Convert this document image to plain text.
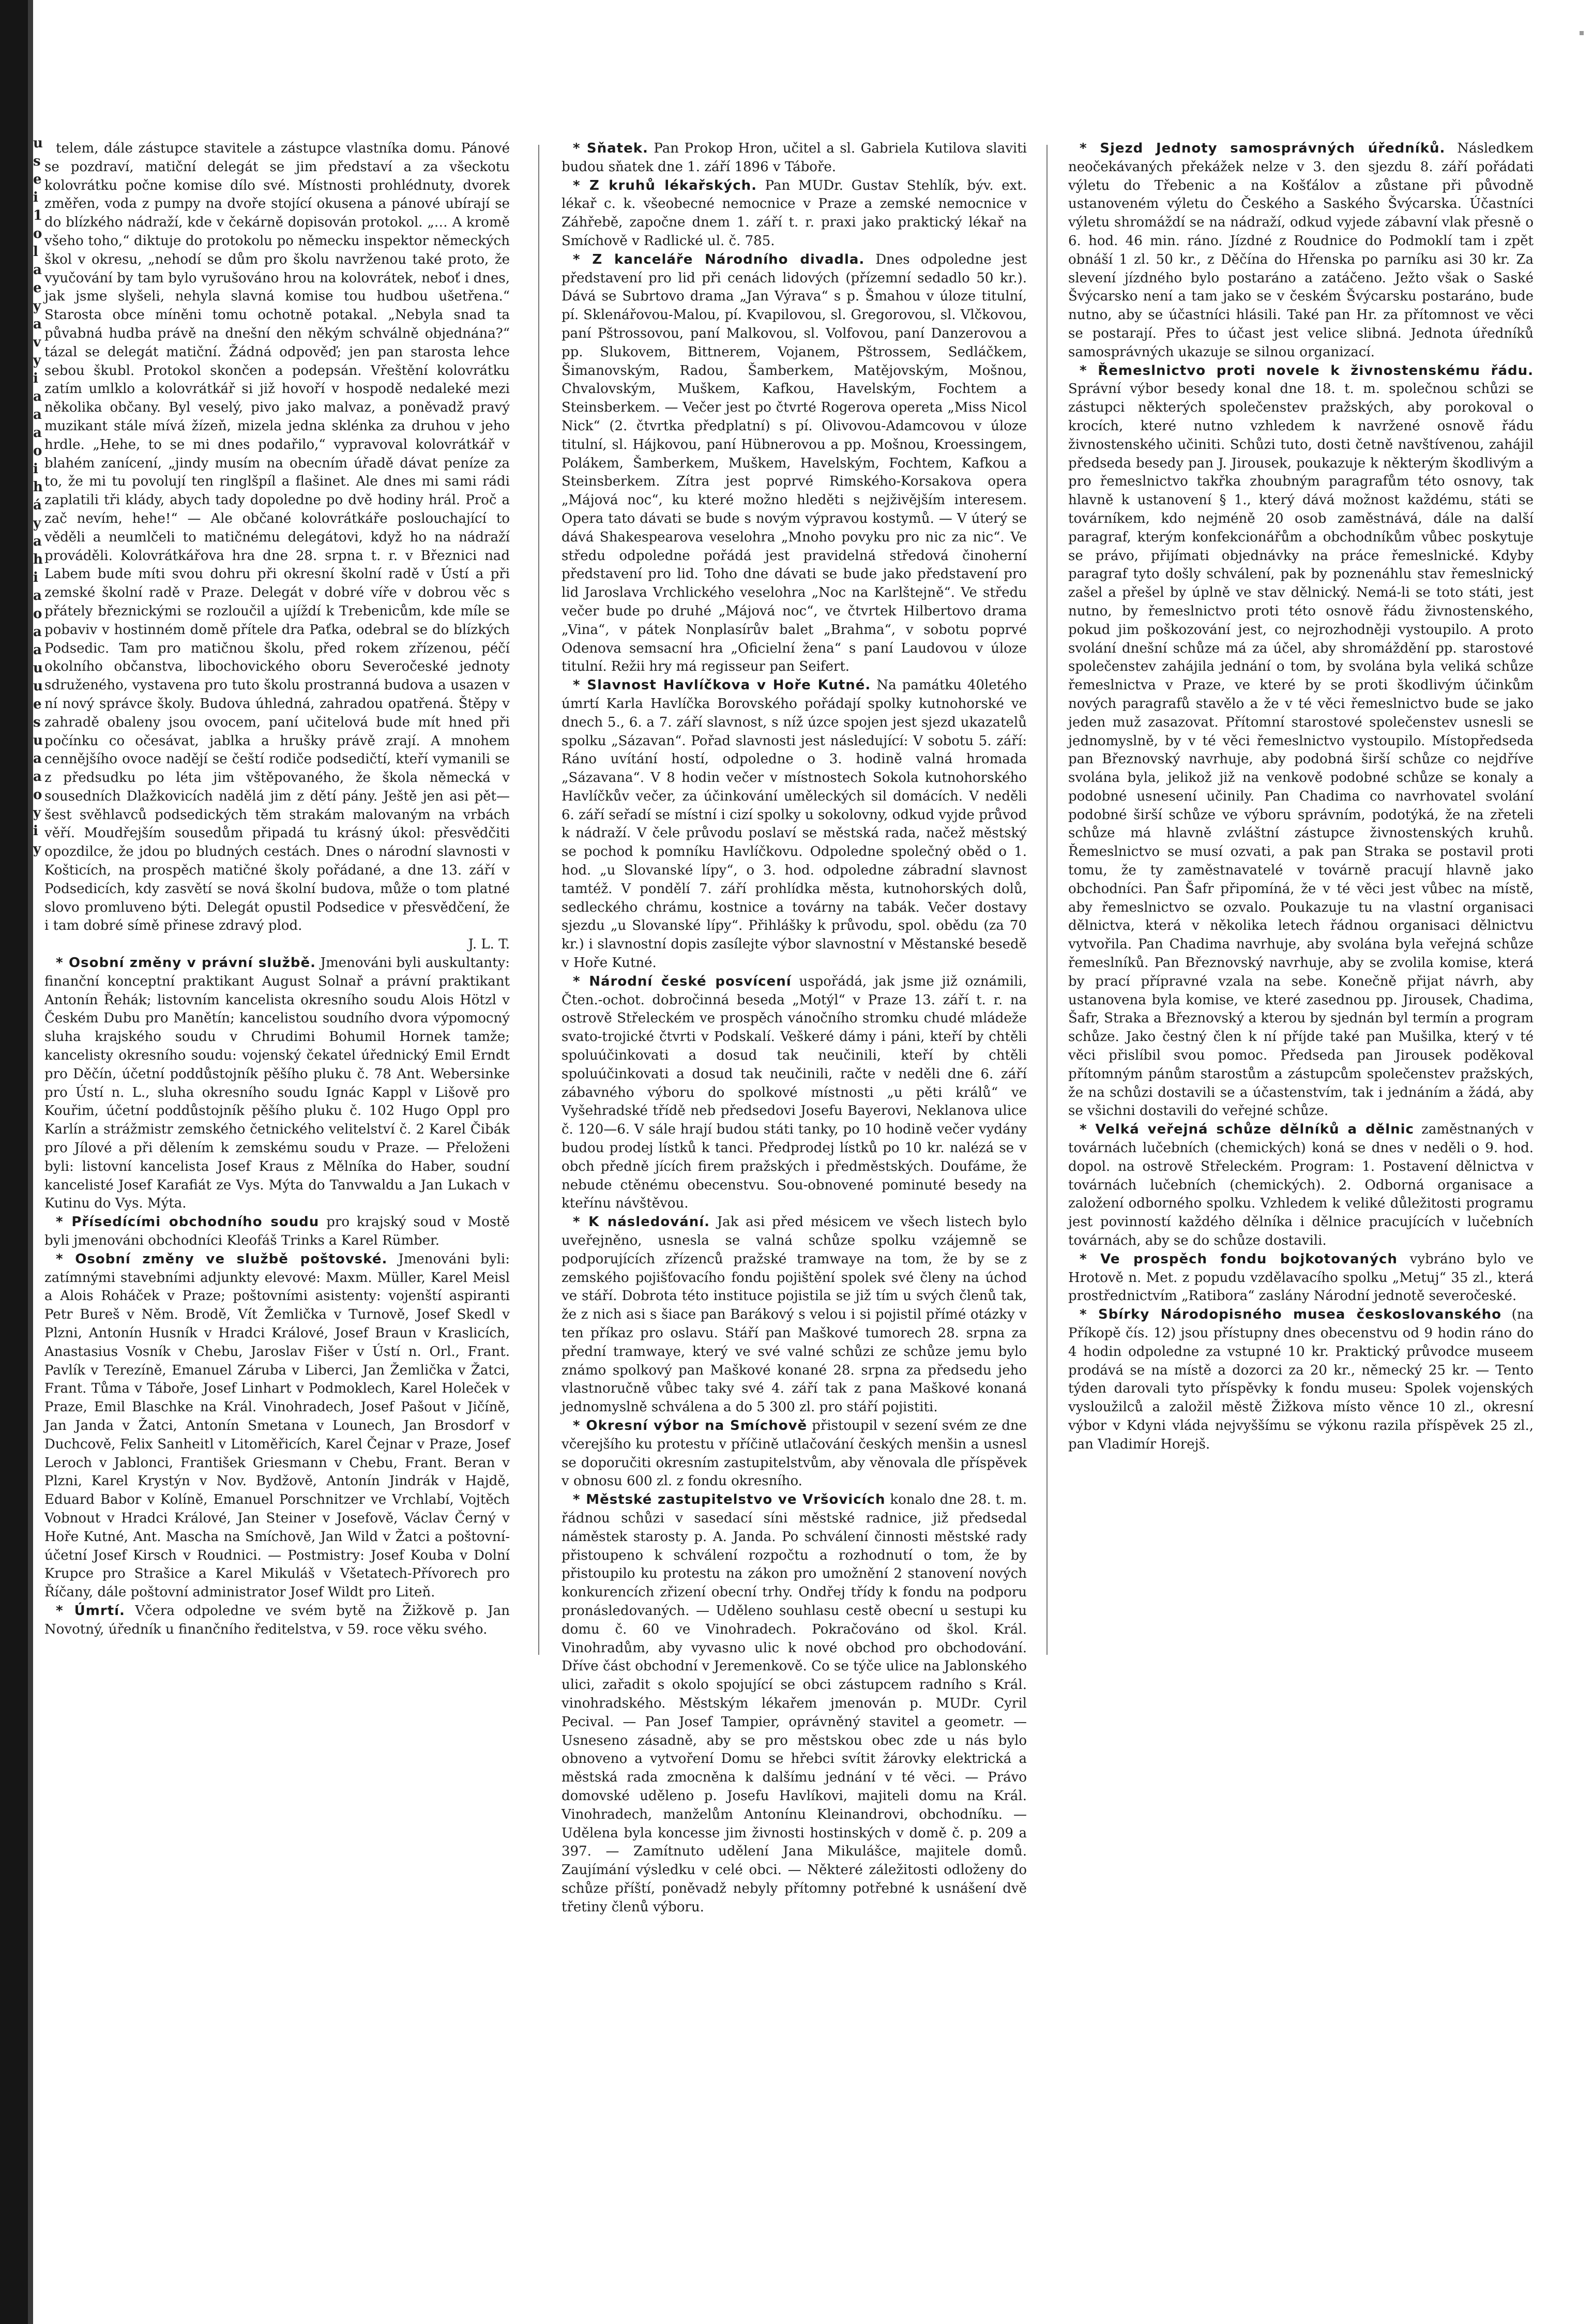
u s e i 1 o l a e y a v y i a a a o i h á y a h i a o a a u u e s u a a o y i y

telem, dále zástupce stavitele a zástupce vlastníka domu. Pánové se pozdraví, matiční delegát se jim představí a za všeckotu kolovrátku počne komise dílo své. Místnosti prohlédnuty, dvorek změřen, voda z pumpy na dvoře stojící okusena a pánové ubírají se do blízkého nádraží, kde v čekárně dopisován protokol. „… A kromě všeho toho,“ diktuje do protokolu po německu inspektor německých škol v okresu, „nehodí se dům pro školu navrženou také proto, že vyučování by tam bylo vyrušováno hrou na kolovrátek, neboť i dnes, jak jsme slyšeli, nehyla slavná komise tou hudbou ušetřena.“ Starosta obce míněni tomu ochotně potakal. „Nebyla snad ta půvabná hudba právě na dnešní den někým schválně objednána?“ tázal se delegát matiční. Žádná odpověď; jen pan starosta lehce sebou škubl. Protokol skončen a podepsán. Vřeštění kolovrátku zatím umlklo a kolovrátkář si již hovoří v hospodě nedaleké mezi několika občany. Byl veselý, pivo jako malvaz, a poněvadž pravý muzikant stále mívá žízeň, mizela jedna sklénka za druhou v jeho hrdle. „Hehe, to se mi dnes podařilo,“ vypravoval kolovrátkář v blahém zanícení, „jindy musím na obecním úřadě dávat peníze za to, že mi tu povolují ten ringlšpíl a flašinet. Ale dnes mi sami rádi zaplatili tři klády, abych tady dopoledne po dvě hodiny hrál. Proč a zač nevím, hehe!“ — Ale občané kolovrátkáře poslouchající to věděli a neumlčeli to matičnému delegátovi, když ho na nádraží prováděli. Kolovrátkářova hra dne 28. srpna t. r. v Březnici nad Labem bude míti svou dohru při okresní školní radě v Ústí a při zemské školní radě v Praze. Delegát v dobré víře v dobrou věc s přátely březnickými se rozloučil a ujíždí k Trebenicům, kde míle se pobaviv v hostinném domě přítele dra Paťka, odebral se do blízkých Podsedic. Tam pro matičnou školu, před rokem zřízenou, péčí okolního občanstva, libochovického oboru Severočeské jednoty sdruženého, vystavena pro tuto školu prostranná budova a usazen v ní nový správce školy. Budova úhledná, zahradou opatřená. Štěpy v zahradě obaleny jsou ovocem, paní učitelová bude mít hned při počínku co očesávat, jablka a hrušky právě zrají. A mnohem cennějšího ovoce nadějí se čeští rodiče podsedičtí, kteří vymanili se z předsudku po léta jim vštěpovaného, že škola německá v sousedních Dlažkovicích nadělá jim z dětí pány. Ještě jen asi pět—šest svěhlavců podsedických těm strakám malovaným na vrbách věří. Moudřejším sousedům připadá tu krásný úkol: přesvědčiti opozdilce, že jdou po bludných cestách. Dnes o národní slavnosti v Košticích, na prospěch matičné školy pořádané, a dne 13. září v Podsedicích, kdy zasvětí se nová školní budova, může o tom platné slovo promluveno býti. Delegát opustil Podsedice v přesvědčení, že i tam dobré símě přinese zdravý plod.

J. L. T.

* Osobní změny v právní službě. Jmenováni byli auskultanty: finanční konceptní praktikant August Solnař a právní praktikant Antonín Řehák; listovním kancelista okresního soudu Alois Hötzl v Českém Dubu pro Manětín; kancelistou soudního dvora výpomocný sluha krajského soudu v Chrudimi Bohumil Hornek tamže; kancelisty okresního soudu: vojenský čekatel úřednický Emil Erndt pro Děčín, účetní poddůstojník pěšího pluku č. 78 Ant. Webersinke pro Ústí n. L., sluha okresního soudu Ignác Kappl v Lišově pro Kouřim, účetní poddůstojník pěšího pluku č. 102 Hugo Oppl pro Karlín a strážmistr zemského četnického velitelství č. 2 Karel Čibák pro Jílové a při dělením k zemskému soudu v Praze. — Přeloženi byli: listovní kancelista Josef Kraus z Mělníka do Haber, soudní kancelisté Josef Karafiát ze Vys. Mýta do Tanvwaldu a Jan Lukach v Kutinu do Vys. Mýta.

* Přísedícími obchodního soudu pro krajský soud v Mostě byli jmenováni obchodníci Kleofáš Trinks a Karel Rümber.

* Osobní změny ve službě poštovské. Jmenováni byli: zatímnými stavebními adjunkty elevové: Maxm. Müller, Karel Meisl a Alois Roháček v Praze; poštovními asistenty: vojenští aspiranti Petr Bureš v Něm. Brodě, Vít Žemlička v Turnově, Josef Skedl v Plzni, Antonín Husník v Hradci Králové, Josef Braun v Kraslicích, Anastasius Vosník v Chebu, Jaroslav Fišer v Ústí n. Orl., Frant. Pavlík v Terezíně, Emanuel Záruba v Liberci, Jan Žemlička v Žatci, Frant. Tůma v Táboře, Josef Linhart v Podmoklech, Karel Holeček v Praze, Emil Blaschke na Král. Vinohradech, Josef Pašout v Jičíně, Jan Janda v Žatci, Antonín Smetana v Lounech, Jan Brosdorf v Duchcově, Felix Sanheitl v Litoměřicích, Karel Čejnar v Praze, Josef Leroch v Jablonci, František Griesmann v Chebu, Frant. Beran v Plzni, Karel Krystýn v Nov. Bydžově, Antonín Jindrák v Hajdě, Eduard Babor v Kolíně, Emanuel Porschnitzer ve Vrchlabí, Vojtěch Vobnout v Hradci Králové, Jan Steiner v Josefově, Václav Černý v Hoře Kutné, Ant. Mascha na Smíchově, Jan Wild v Žatci a poštovní-účetní Josef Kirsch v Roudnici. — Postmistry: Josef Kouba v Dolní Krupce pro Strašice a Karel Mikuláš v Všetatech-Přívorech pro Říčany, dále poštovní administrator Josef Wildt pro Liteň.

* Úmrtí. Včera odpoledne ve svém bytě na Žižkově p. Jan Novotný, úředník u finančního ředitelstva, v 59. roce věku svého.

* Sňatek. Pan Prokop Hron, učitel a sl. Gabriela Kutilova slaviti budou sňatek dne 1. září 1896 v Táboře.

* Z kruhů lékařských. Pan MUDr. Gustav Stehlík, býv. ext. lékař c. k. všeobecné nemocnice v Praze a zemské nemocnice v Záhřebě, započne dnem 1. září t. r. praxi jako praktický lékař na Smíchově v Radlické ul. č. 785.

* Z kanceláře Národního divadla. Dnes odpoledne jest představení pro lid při cenách lidových (přízemní sedadlo 50 kr.). Dává se Subrtovo drama „Jan Výrava“ s p. Šmahou v úloze titulní, pí. Sklenářovou-Malou, pí. Kvapilovou, sl. Gregorovou, sl. Vlčkovou, paní Pštrossovou, paní Malkovou, sl. Volfovou, paní Danzerovou a pp. Slukovem, Bittnerem, Vojanem, Pštrossem, Sedláčkem, Šimanovským, Radou, Šamberkem, Matějovským, Mošnou, Chvalovským, Muškem, Kafkou, Havelským, Fochtem a Steinsberkem. — Večer jest po čtvrté Rogerova opereta „Miss Nicol Nick“ (2. čtvrtka předplatní) s pí. Olivovou-Adamcovou v úloze titulní, sl. Hájkovou, paní Hübnerovou a pp. Mošnou, Kroessingem, Polákem, Šamberkem, Muškem, Havelským, Fochtem, Kafkou a Steinsberkem. Zítra jest poprvé Rimského-Korsakova opera „Májová noc“, ku které možno hleděti s nejživějším interesem. Opera tato dávati se bude s novým výpravou kostymů. — V úterý se dává Shakespearova veselohra „Mnoho povyku pro nic za nic“. Ve středu odpoledne pořádá jest pravidelná středová činoherní představení pro lid. Toho dne dávati se bude jako představení pro lid Jaroslava Vrchlického veselohra „Noc na Karlštejně“. Ve středu večer bude po druhé „Májová noc“, ve čtvrtek Hilbertovo drama „Vina“, v pátek Nonplasírův balet „Brahma“, v sobotu poprvé Odenova semsacní hra „Oficielní žena“ s paní Laudovou v úloze titulní. Režii hry má regisseur pan Seifert.

* Slavnost Havlíčkova v Hoře Kutné. Na památku 40letého úmrtí Karla Havlíčka Borovského pořádají spolky kutnohorské ve dnech 5., 6. a 7. září slavnost, s níž úzce spojen jest sjezd ukazatelů spolku „Sázavan“. Pořad slavnosti jest následující: V sobotu 5. září: Ráno uvítání hostí, odpoledne o 3. hodině valná hromada „Sázavana“. V 8 hodin večer v místnostech Sokola kutnohorského Havlíčkův večer, za účinkování uměleckých sil domácích. V neděli 6. září seřadí se místní i cizí spolky u sokolovny, odkud vyjde průvod k nádraží. V čele průvodu poslaví se městská rada, načež městský se pochod k pomníku Havlíčkovu. Odpoledne společný oběd o 1. hod. „u Slovanské lípy“, o 3. hod. odpoledne zábradní slavnost tamtéž. V pondělí 7. září prohlídka města, kutnohorských dolů, sedleckého chrámu, kostnice a továrny na tabák. Večer dostavy sjezdu „u Slovanské lípy“. Přihlášky k průvodu, spol. obědu (za 70 kr.) i slavnostní dopis zasílejte výbor slavnostní v Městanské besedě v Hoře Kutné.

* Národní české posvícení uspořádá, jak jsme již oznámili, Čten.-ochot. dobročinná beseda „Motýl“ v Praze 13. září t. r. na ostrově Střeleckém ve prospěch vánočního stromku chudé mládeže svato-trojické čtvrti v Podskalí. Veškeré dámy i páni, kteří by chtěli spoluúčinkovati a dosud tak neučinili, kteří by chtěli spoluúčinkovati a dosud tak neučinili, račte v neděli dne 6. září zábavného výboru do spolkové místnosti „u pěti králů“ ve Vyšehradské třídě neb předsedovi Josefu Bayerovi, Neklanova ulice č. 120—6. V sále hrají budou státi tanky, po 10 hodině večer vydány budou prodej lístků k tanci. Předprodej lístků po 10 kr. nalézá se v obch předně jících firem pražských i předměstských. Doufáme, že nebude ctěnému obecenstvu. Sou-obnovené pominuté besedy na kteřínu návštěvou.

* K následování. Jak asi před mésicem ve všech listech bylo uveřejněno, usnesla se valná schůze spolku vzájemně se podporujících zřízenců pražské tramwaye na tom, že by se z zemského pojišťovacího fondu pojištění spolek své členy na úchod ve stáří. Dobrota této instituce pojistila se již tím u svých členů tak, že z nich asi s šiace pan Barákový s velou i si pojistil přímé otázky v ten příkaz pro oslavu. Stáří pan Maškové tumorech 28. srpna za přední tramwaye, který ve své valné schůzi ze schůze jemu bylo známo spolkový pan Maškové konané 28. srpna za předsedu jeho vlastnoručně vůbec taky své 4. září tak z pana Maškové konaná jednomyslně schválena a do 5 300 zl. pro stáří pojistiti.

* Okresní výbor na Smíchově přistoupil v sezení svém ze dne včerejšího ku protestu v příčině utlačování českých menšin a usnesl se doporučiti okresním zastupitelstvům, aby věnovala dle příspěvek v obnosu 600 zl. z fondu okresního.

* Městské zastupitelstvo ve Vršovicích konalo dne 28. t. m. řádnou schůzi v sasedací síni městské radnice, již předsedal náměstek starosty p. A. Janda. Po schválení činnosti městské rady přistoupeno k schválení rozpočtu a rozhodnutí o tom, že by přistoupilo ku protestu na zákon pro umožnění 2 stanovení nových konkurencích zřizení obecní trhy. Ondřej třídy k fondu na podporu pronásledovaných. — Uděleno souhlasu cestě obecní u sestupi ku domu č. 60 ve Vinohradech. Pokračováno od škol. Král. Vinohradům, aby vyvasno ulic k nové obchod pro obchodování. Dříve část obchodní v Jeremenkově. Co se týče ulice na Jablonského ulici, zařadit s okolo spojující se obci zástupcem radního s Král. vinohradského. Městským lékařem jmenován p. MUDr. Cyril Pecival. — Pan Josef Tampier, oprávněný stavitel a geometr. — Usneseno zásadně, aby se pro městskou obec zde u nás bylo obnoveno a vytvoření Domu se hřebci svítit žárovky elektrická a městská rada zmocněna k dalšímu jednání v té věci. — Právo domovské uděleno p. Josefu Havlíkovi, majiteli domu na Král. Vinohradech, manželům Antonínu Kleinandrovi, obchodníku. — Udělena byla koncesse jim živnosti hostinských v domě č. p. 209 a 397. — Zamítnuto udělení Jana Mikulášce, majitele domů. Zaujímání výsledku v celé obci. — Některé záležitosti odloženy do schůze příští, poněvadž nebyly přítomny potřebné k usnášení dvě třetiny členů výboru.

* Sjezd Jednoty samosprávných úředníků. Následkem neočekávaných překážek nelze v 3. den sjezdu 8. září pořádati výletu do Třebenic a na Košťálov a zůstane při původně ustanoveném výletu do Českého a Saského Švýcarska. Účastníci výletu shromáždí se na nádraží, odkud vyjede zábavní vlak přesně o 6. hod. 46 min. ráno. Jízdné z Roudnice do Podmoklí tam i zpět obnáší 1 zl. 50 kr., z Děčína do Hřenska po parníku asi 30 kr. Za slevení jízdného bylo postaráno a zatáčeno. Ježto však o Saské Švýcarsko není a tam jako se v českém Švýcarsku postaráno, bude nutno, aby se účastníci hlásili. Také pan Hr. za přítomnost ve věci se postarají. Přes to účast jest velice slibná. Jednota úředníků samosprávných ukazuje se silnou organizací.

* Řemeslnictvo proti novele k živnostenskému řádu. Správní výbor besedy konal dne 18. t. m. společnou schůzi se zástupci některých společenstev pražských, aby porokoval o krocích, které nutno vzhledem k navržené osnově řádu živnostenského učiniti. Schůzi tuto, dosti četně navštívenou, zahájil předseda besedy pan J. Jirousek, poukazuje k některým škodlivým a pro řemeslnictvo takřka zhoubným paragrafům této osnovy, tak hlavně k ustanovení § 1., který dává možnost každému, státi se továrníkem, kdo nejméně 20 osob zaměstnává, dále na další paragraf, kterým konfekcionářům a obchodníkům vůbec poskytuje se právo, přijímati objednávky na práce řemeslnické. Kdyby paragraf tyto došly schválení, pak by poznenáhlu stav řemeslnický zašel a přešel by úplně ve stav dělnický. Nemá-li se toto státi, jest nutno, by řemeslnictvo proti této osnově řádu živnostenského, pokud jim poškozování jest, co nejrozhodněji vystoupilo. A proto svolání dnešní schůze má za účel, aby shromáždění pp. starostové společenstev zahájila jednání o tom, by svolána byla veliká schůze řemeslnictva v Praze, ve které by se proti škodlivým účinkům nových paragrafů stavělo a že v té věci řemeslnictvo bude se jako jeden muž zasazovat. Přítomní starostové společenstev usnesli se jednomyslně, by v té věci řemeslnictvo vystoupilo. Místopředseda pan Březnovský navrhuje, aby podobná širší schůze co nejdříve svolána byla, jelikož již na venkově podobné schůze se konaly a podobné usnesení učinily. Pan Chadima co navrhovatel svolání podobné širší schůze ve výboru správním, podotýká, že na zřeteli schůze má hlavně zvláštní zástupce živnostenských kruhů. Řemeslnictvo se musí ozvati, a pak pan Straka se postavil proti tomu, že ty zaměstnavatelé v továrně pracují hlavně jako obchodníci. Pan Šafr připomíná, že v té věci jest vůbec na místě, aby řemeslnictvo se ozvalo. Poukazuje tu na vlastní organisaci dělnictva, která v několika letech řádnou organisaci dělnictvu vytvořila. Pan Chadima navrhuje, aby svolána byla veřejná schůze řemeslníků. Pan Březnovský navrhuje, aby se zvolila komise, která by prací přípravné vzala na sebe. Konečně přijat návrh, aby ustanovena byla komise, ve které zasednou pp. Jirousek, Chadima, Šafr, Straka a Březnovský a kterou by sjednán byl termín a program schůze. Jako čestný člen k ní příjde také pan Mušilka, který v té věci přislíbil svou pomoc. Předseda pan Jirousek poděkoval přítomným pánům starostům a zástupcům společenstev pražských, že na schůzi dostavili se a účastenstvím, tak i jednáním a žádá, aby se všichni dostavili do veřejné schůze.

* Velká veřejná schůze dělníků a dělnic zaměstnaných v továrnách lučebních (chemických) koná se dnes v neděli o 9. hod. dopol. na ostrově Střeleckém. Program: 1. Postavení dělnictva v továrnách lučebních (chemických). 2. Odborná organisace a založení odborného spolku. Vzhledem k veliké důležitosti programu jest povinností každého dělníka i dělnice pracujících v lučebních továrnách, aby se do schůze dostavili.

* Ve prospěch fondu bojkotovaných vybráno bylo ve Hrotově n. Met. z popudu vzdělavacího spolku „Metuj“ 35 zl., která prostřednictvím „Ratibora“ zaslány Národní jednotě severočeské.

* Sbírky Národopisného musea českoslovanského (na Příkopě čís. 12) jsou přístupny dnes obecenstvu od 9 hodin ráno do 4 hodin odpoledne za vstupné 10 kr. Praktický průvodce museem prodává se na místě a dozorci za 20 kr., německý 25 kr. — Tento týden darovali tyto příspěvky k fondu museu: Spolek vojenských vysloužilců a založil městě Žižkova místo věnce 10 zl., okresní výbor v Kdyni vláda nejvyššímu se výkonu razila příspěvek 25 zl., pan Vladimír Horejš.
